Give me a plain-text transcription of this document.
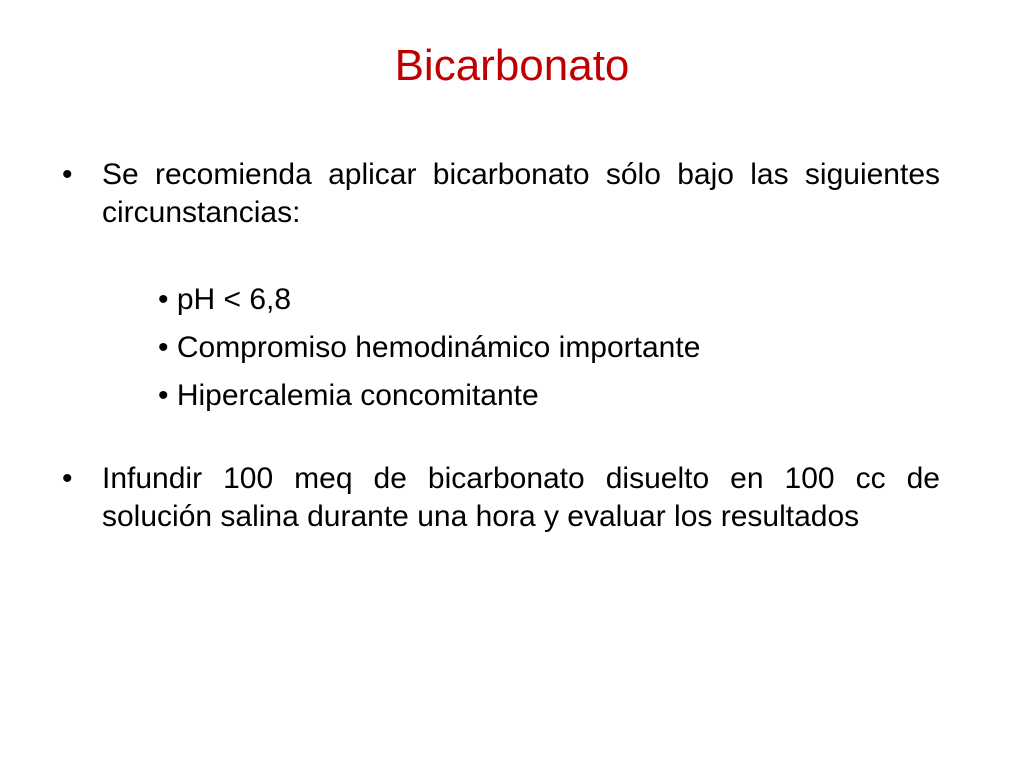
Bicarbonato
• Se recomienda aplicar bicarbonato sólo bajo las siguientes circunstancias:
• pH < 6,8
• Compromiso hemodinámico importante
• Hipercalemia concomitante
• Infundir 100 meq de bicarbonato disuelto en 100 cc de solución salina durante una hora y evaluar los resultados
